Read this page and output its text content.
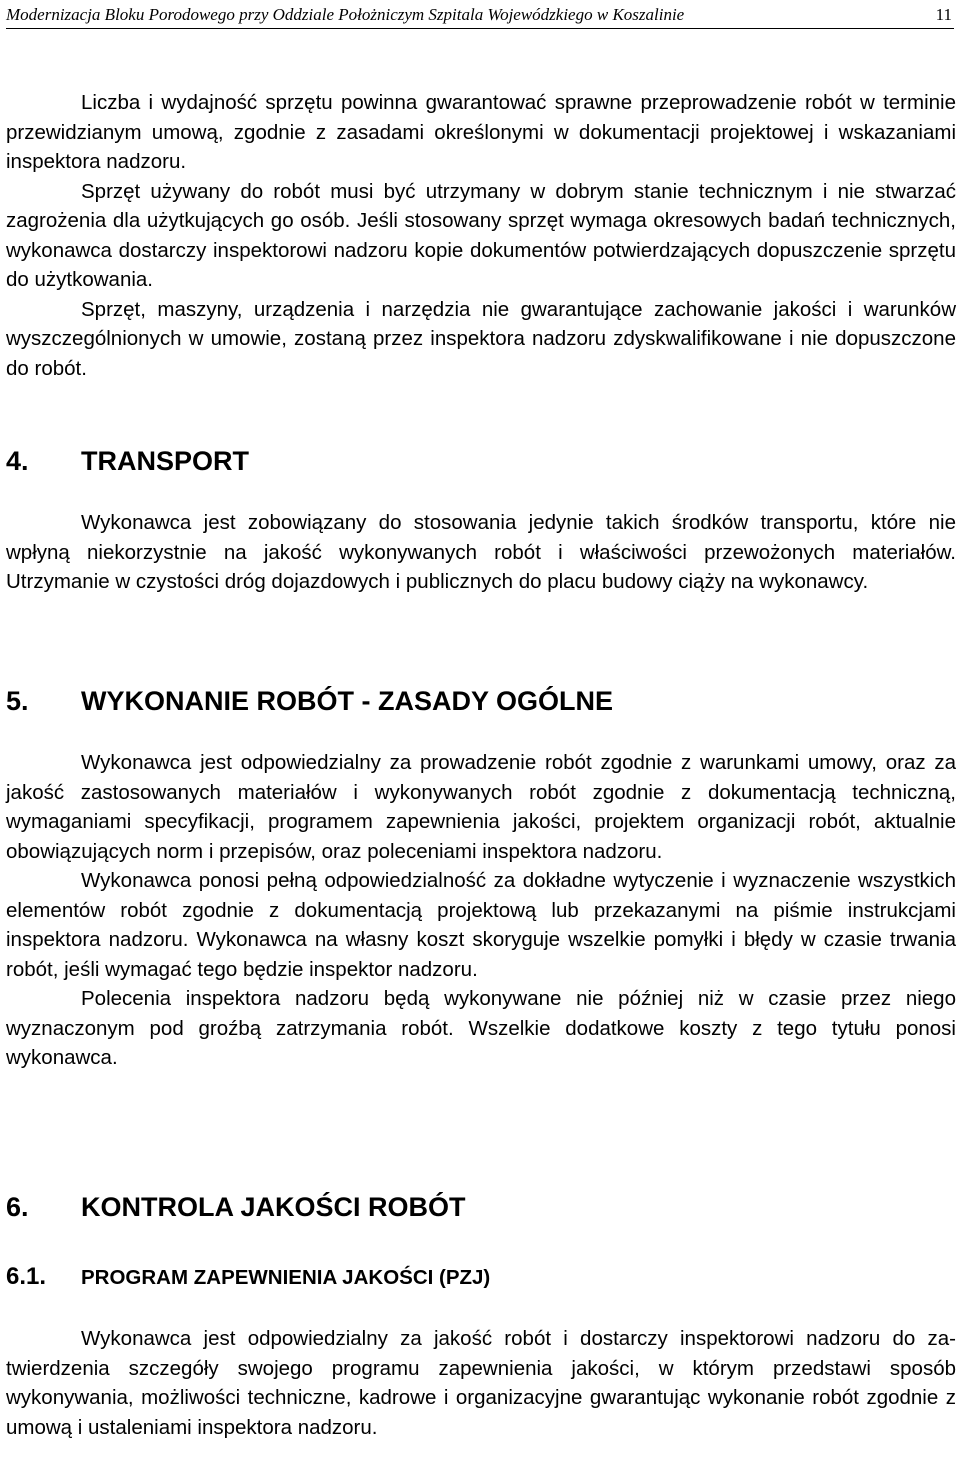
Modernizacja Bloku Porodowego przy Oddziale Położniczym Szpitala Wojewódzkiego w Koszalinie	11

Liczba i wydajność sprzętu powinna gwarantować sprawne przeprowadzenie robót w terminie przewidzianym umową, zgodnie z zasadami określonymi w dokumentacji projektowej i wskazaniami inspektora nadzoru.

Sprzęt używany do robót musi być utrzymany w dobrym stanie technicznym i nie stwarzać zagrożenia dla użytkujących go osób. Jeśli stosowany sprzęt wymaga okresowych badań technicznych, wykonawca dostarczy inspektorowi nadzoru kopie dokumentów potwierdzających dopuszczenie sprzętu do użytkowania.

Sprzęt, maszyny, urządzenia i narzędzia nie gwarantujące zachowanie jakości i warunków wyszczególnionych w umowie, zostaną przez inspektora nadzoru zdyskwalifikowane i nie dopuszczone do robót.

4. TRANSPORT

Wykonawca jest zobowiązany do stosowania jedynie takich środków transportu, które nie wpłyną niekorzystnie na jakość wykonywanych robót i właściwości przewożonych materiałów. Utrzymanie w czystości dróg dojazdowych i publicznych do placu budowy ciąży na wykonawcy.

5. WYKONANIE ROBÓT - ZASADY OGÓLNE

Wykonawca jest odpowiedzialny za prowadzenie robót zgodnie z warunkami umowy, oraz za jakość zastosowanych materiałów i wykonywanych robót zgodnie z dokumentacją techniczną, wymaganiami specyfikacji, programem zapewnienia jakości, projektem organizacji robót, aktualnie obowiązujących norm i przepisów, oraz poleceniami inspektora nadzoru.

Wykonawca ponosi pełną odpowiedzialność za dokładne wytyczenie i wyznaczenie wszystkich elementów robót zgodnie z dokumentacją projektową lub przekazanymi na piśmie instrukcjami inspektora nadzoru. Wykonawca na własny koszt skoryguje wszelkie pomyłki i błędy w czasie trwania robót, jeśli wymagać tego będzie inspektor nadzoru.

Polecenia inspektora nadzoru będą wykonywane nie później niż w czasie przez niego wyznaczonym pod groźbą zatrzymania robót. Wszelkie dodatkowe koszty z tego tytułu ponosi wykonawca.

6. KONTROLA JAKOŚCI ROBÓT
6.1. PROGRAM ZAPEWNIENIA JAKOŚCI (PZJ)

Wykonawca jest odpowiedzialny za jakość robót i dostarczy inspektorowi nadzoru do za-twierdzenia szczegóły swojego programu zapewnienia jakości, w którym przedstawi sposób wykonywania, możliwości techniczne, kadrowe i organizacyjne gwarantując wykonanie robót zgodnie z umową i ustaleniami inspektora nadzoru.
